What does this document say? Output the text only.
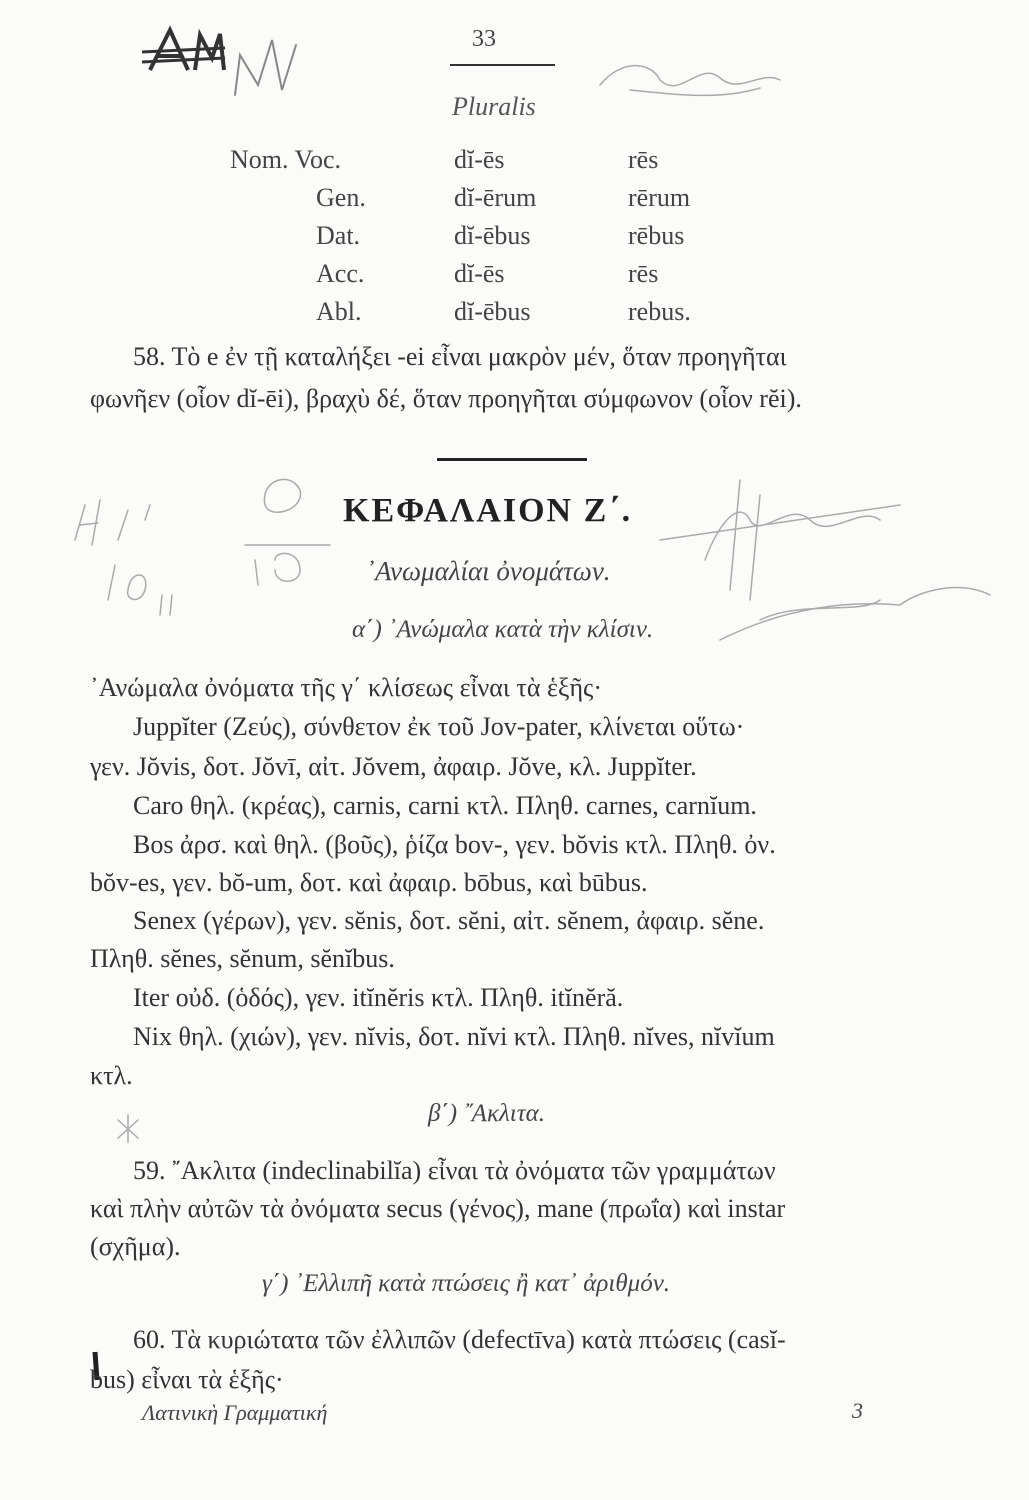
33
Pluralis
Nom. Voc.	dĭ-ēs	rēs
Gen.	dĭ-ērum	rērum
Dat.	dĭ-ēbus	rēbus
Acc.	dĭ-ēs	rēs
Abl.	dĭ-ēbus	rebus.
58. Τὸ e ἐν τῇ καταλήξει -ei εἶναι μακρὸν μέν, ὅταν προηγῆται
φωνῆεν (οἷον dĭ-ēi), βραχὺ δέ, ὅταν προηγῆται σύμφωνον (οἷον rĕi).
ΚΕΦΑΛΑΙΟΝ Ζ΄.
᾿Ανωμαλίαι ὀνομάτων.
α΄) ᾿Ανώμαλα κατὰ τὴν κλίσιν.
᾿Ανώμαλα ὀνόματα τῆς γ΄ κλίσεως εἶναι τὰ ἑξῆς·
Juppĭter (Ζεύς), σύνθετον ἐκ τοῦ Jov-pater, κλίνεται οὕτω·
γεν. Jŏvis, δοτ. Jŏvī, αἰτ. Jŏvem, ἀφαιρ. Jŏve, κλ. Juppĭter.
Caro θηλ. (κρέας), carnis, carni κτλ. Πληθ. carnes, carnĭum.
Bos ἀρσ. καὶ θηλ. (βοῦς), ῥίζα bov-, γεν. bŏvis κτλ. Πληθ. ὀν.
bŏv-es, γεν. bŏ-um, δοτ. καὶ ἀφαιρ. bōbus, καὶ būbus.
Senex (γέρων), γεν. sĕnis, δοτ. sĕni, αἰτ. sĕnem, ἀφαιρ. sĕne.
Πληθ. sĕnes, sĕnum, sĕnĭbus.
Iter οὐδ. (ὁδός), γεν. itĭnĕris κτλ. Πληθ. itĭnĕră.
Nix θηλ. (χιών), γεν. nĭvis, δοτ. nĭvi κτλ. Πληθ. nĭves, nĭvĭum
κτλ.
β΄) ῎Ακλιτα.
59. ῎Ακλιτα (indeclinabilĭa) εἶναι τὰ ὀνόματα τῶν γραμμάτων
καὶ πλὴν αὐτῶν τὰ ὀνόματα secus (γένος), mane (πρωΐα) καὶ instar
(σχῆμα).
γ΄) ᾿Ελλιπῆ κατὰ πτώσεις ἢ κατ᾿ ἀριθμόν.
60. Τὰ κυριώτατα τῶν ἐλλιπῶν (defectīva) κατὰ πτώσεις (casĭ-
bus) εἶναι τὰ ἑξῆς·
Λατινικὴ Γραμματική	3
